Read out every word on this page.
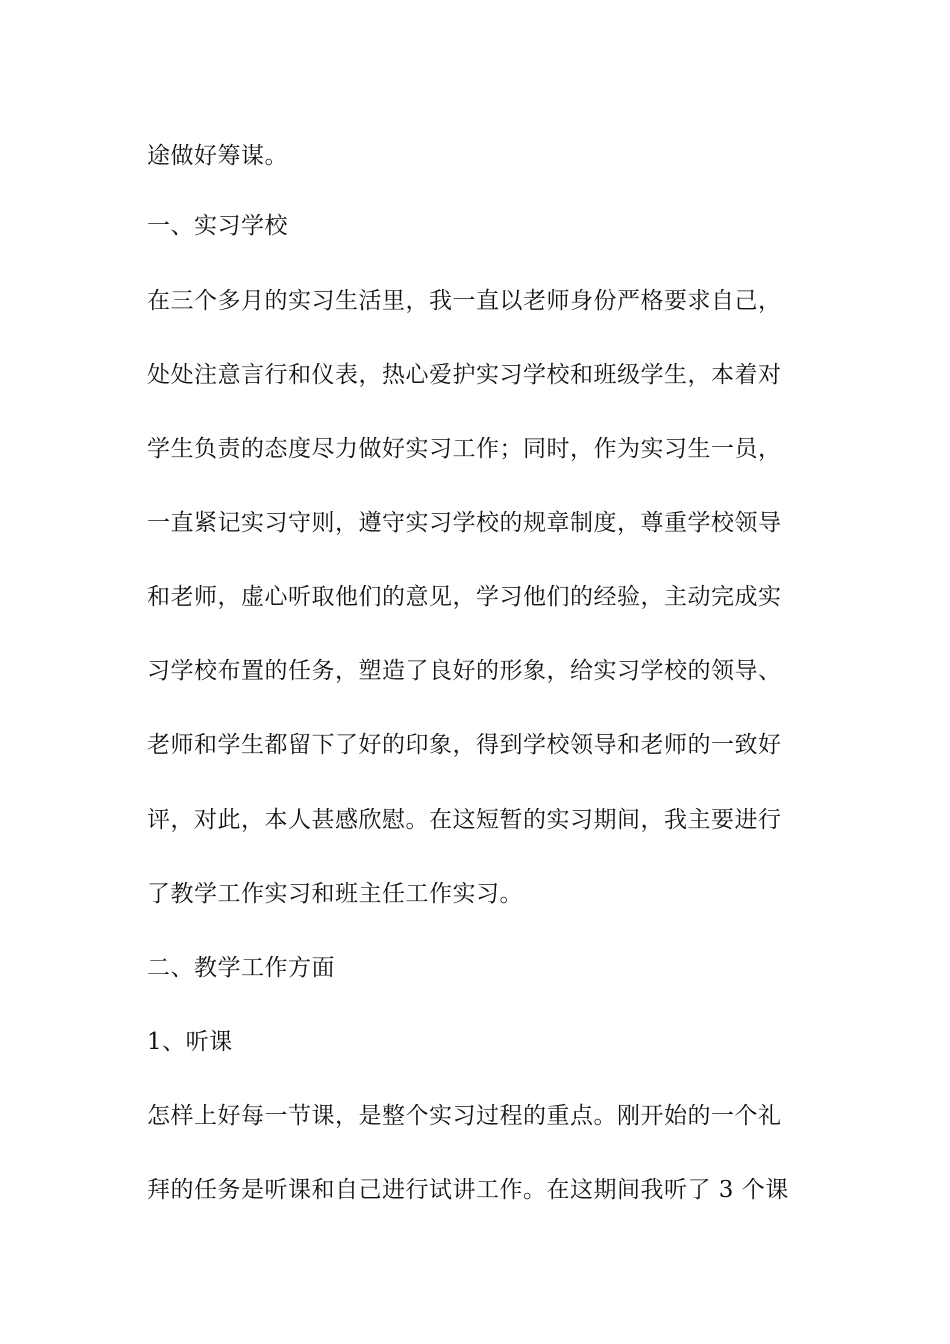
途做好筹谋。
一、实习学校
在三个多月的实习生活里，我一直以老师身份严格要求自己，
处处注意言行和仪表，热心爱护实习学校和班级学生，本着对
学生负责的态度尽力做好实习工作；同时，作为实习生一员，
一直紧记实习守则，遵守实习学校的规章制度，尊重学校领导
和老师，虚心听取他们的意见，学习他们的经验，主动完成实
习学校布置的任务，塑造了良好的形象，给实习学校的领导、
老师和学生都留下了好的印象，得到学校领导和老师的一致好
评，对此，本人甚感欣慰。在这短暂的实习期间，我主要进行
了教学工作实习和班主任工作实习。
二、教学工作方面
1、听课
怎样上好每一节课，是整个实习过程的重点。刚开始的一个礼
拜的任务是听课和自己进行试讲工作。在这期间我听了 3 个课
